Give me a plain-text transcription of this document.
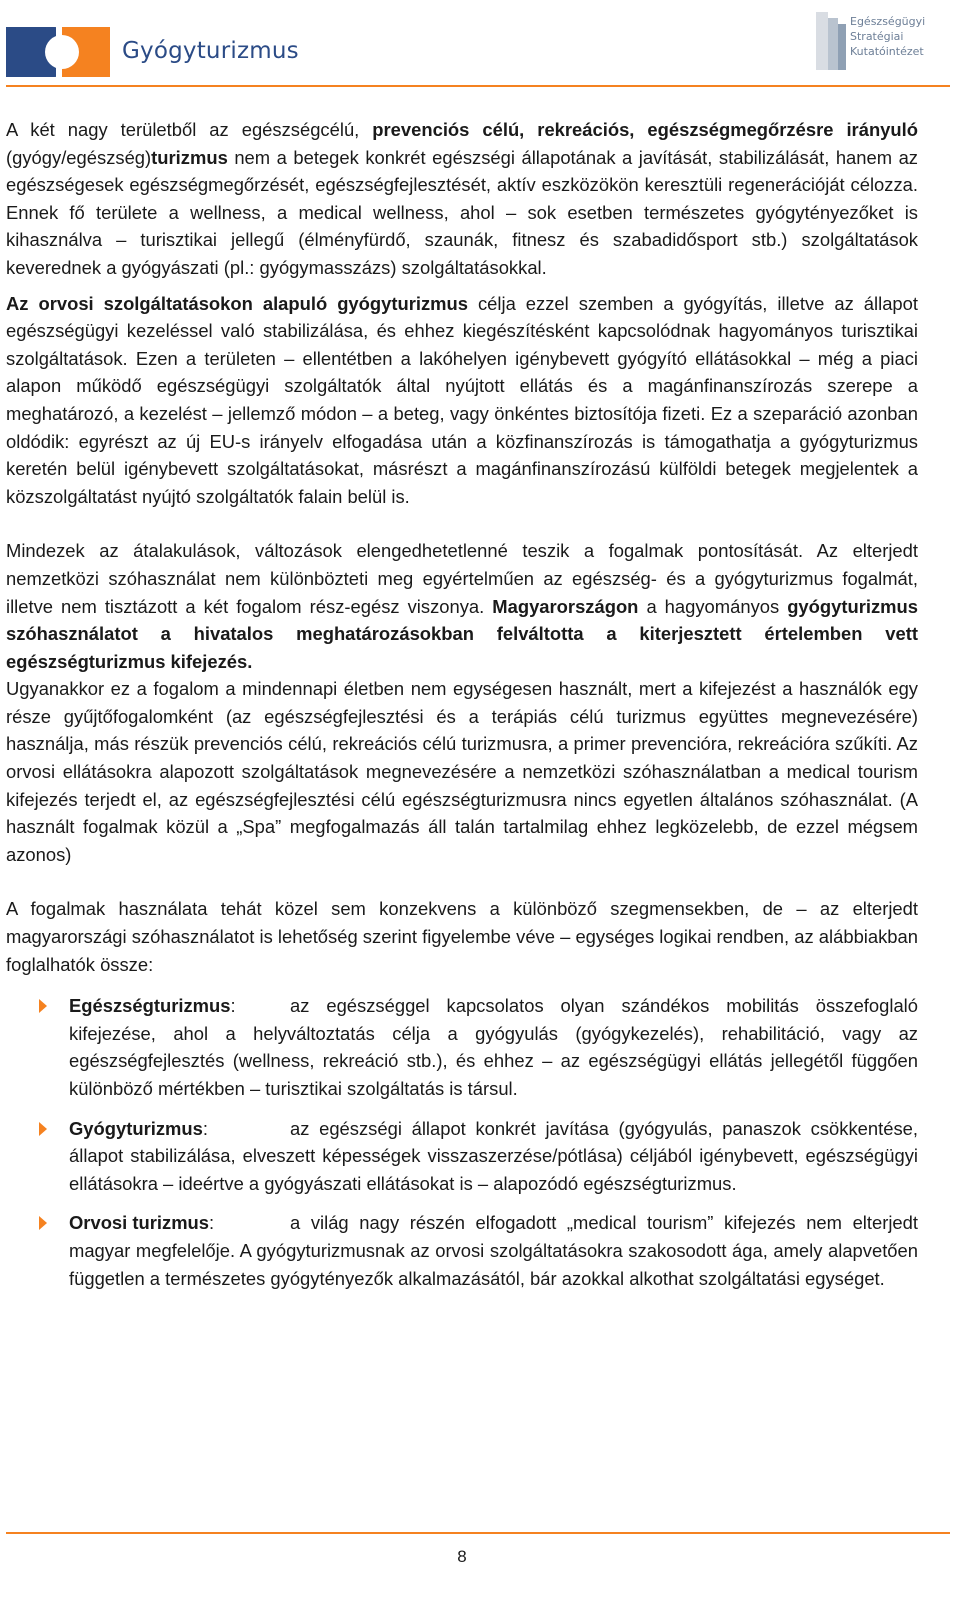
Gyógyturizmus
Egészségügyi
Stratégiai
Kutatóintézet

A két nagy területből az egészségcélú, prevenciós célú, rekreációs, egészségmegőrzésre irányuló (gyógy/egészség)turizmus nem a betegek konkrét egészségi állapotának a javítását, stabilizálását, hanem az egészségesek egészségmegőrzését, egészségfejlesztését, aktív eszközökön keresztüli regenerációját célozza. Ennek fő területe a wellness, a medical wellness, ahol – sok esetben természetes gyógytényezőket is kihasználva – turisztikai jellegű (élményfürdő, szaunák, fitnesz és szabadidősport stb.) szolgáltatások keverednek a gyógyászati (pl.: gyógymasszázs) szolgáltatásokkal.

Az orvosi szolgáltatásokon alapuló gyógyturizmus célja ezzel szemben a gyógyítás, illetve az állapot egészségügyi kezeléssel való stabilizálása, és ehhez kiegészítésként kapcsolódnak hagyományos turisztikai szolgáltatások. Ezen a területen – ellentétben a lakóhelyen igénybevett gyógyító ellátásokkal – még a piaci alapon működő egészségügyi szolgáltatók által nyújtott ellátás és a magánfinanszírozás szerepe a meghatározó, a kezelést – jellemző módon – a beteg, vagy önkéntes biztosítója fizeti. Ez a szeparáció azonban oldódik: egyrészt az új EU-s irányelv elfogadása után a közfinanszírozás is támogathatja a gyógyturizmus keretén belül igénybevett szolgáltatásokat, másrészt a magánfinanszírozású külföldi betegek megjelentek a közszolgáltatást nyújtó szolgáltatók falain belül is.

Mindezek az átalakulások, változások elengedhetetlenné teszik a fogalmak pontosítását. Az elterjedt nemzetközi szóhasználat nem különbözteti meg egyértelműen az egészség- és a gyógyturizmus fogalmát, illetve nem tisztázott a két fogalom rész-egész viszonya. Magyarországon a hagyományos gyógyturizmus szóhasználatot a hivatalos meghatározásokban felváltotta a kiterjesztett értelemben vett egészségturizmus kifejezés.

Ugyanakkor ez a fogalom a mindennapi életben nem egységesen használt, mert a kifejezést a használók egy része gyűjtőfogalomként (az egészségfejlesztési és a terápiás célú turizmus együttes megnevezésére) használja, más részük prevenciós célú, rekreációs célú turizmusra, a primer prevencióra, rekreációra szűkíti. Az orvosi ellátásokra alapozott szolgáltatások megnevezésére a nemzetközi szóhasználatban a medical tourism kifejezés terjedt el, az egészségfejlesztési célú egészségturizmusra nincs egyetlen általános szóhasználat. (A használt fogalmak közül a „Spa” megfogalmazás áll talán tartalmilag ehhez legközelebb, de ezzel mégsem azonos)

A fogalmak használata tehát közel sem konzekvens a különböző szegmensekben, de – az elterjedt magyarországi szóhasználatot is lehetőség szerint figyelembe véve – egységes logikai rendben, az alábbiakban foglalhatók össze:

Egészségturizmus:	az egészséggel kapcsolatos olyan szándékos mobilitás összefoglaló kifejezése, ahol a helyváltoztatás célja a gyógyulás (gyógykezelés), rehabilitáció, vagy az egészségfejlesztés (wellness, rekreáció stb.), és ehhez – az egészségügyi ellátás jellegétől függően különböző mértékben – turisztikai szolgáltatás is társul.
Gyógyturizmus:	az egészségi állapot konkrét javítása (gyógyulás, panaszok csökkentése, állapot stabilizálása, elveszett képességek visszaszerzése/pótlása) céljából igénybevett, egészségügyi ellátásokra – ideértve a gyógyászati ellátásokat is – alapozódó egészségturizmus.
Orvosi turizmus:	a világ nagy részén elfogadott „medical tourism” kifejezés nem elterjedt magyar megfelelője. A gyógyturizmusnak az orvosi szolgáltatásokra szakosodott ága, amely alapvetően független a természetes gyógytényezők alkalmazásától, bár azokkal alkothat szolgáltatási egységet.
8
